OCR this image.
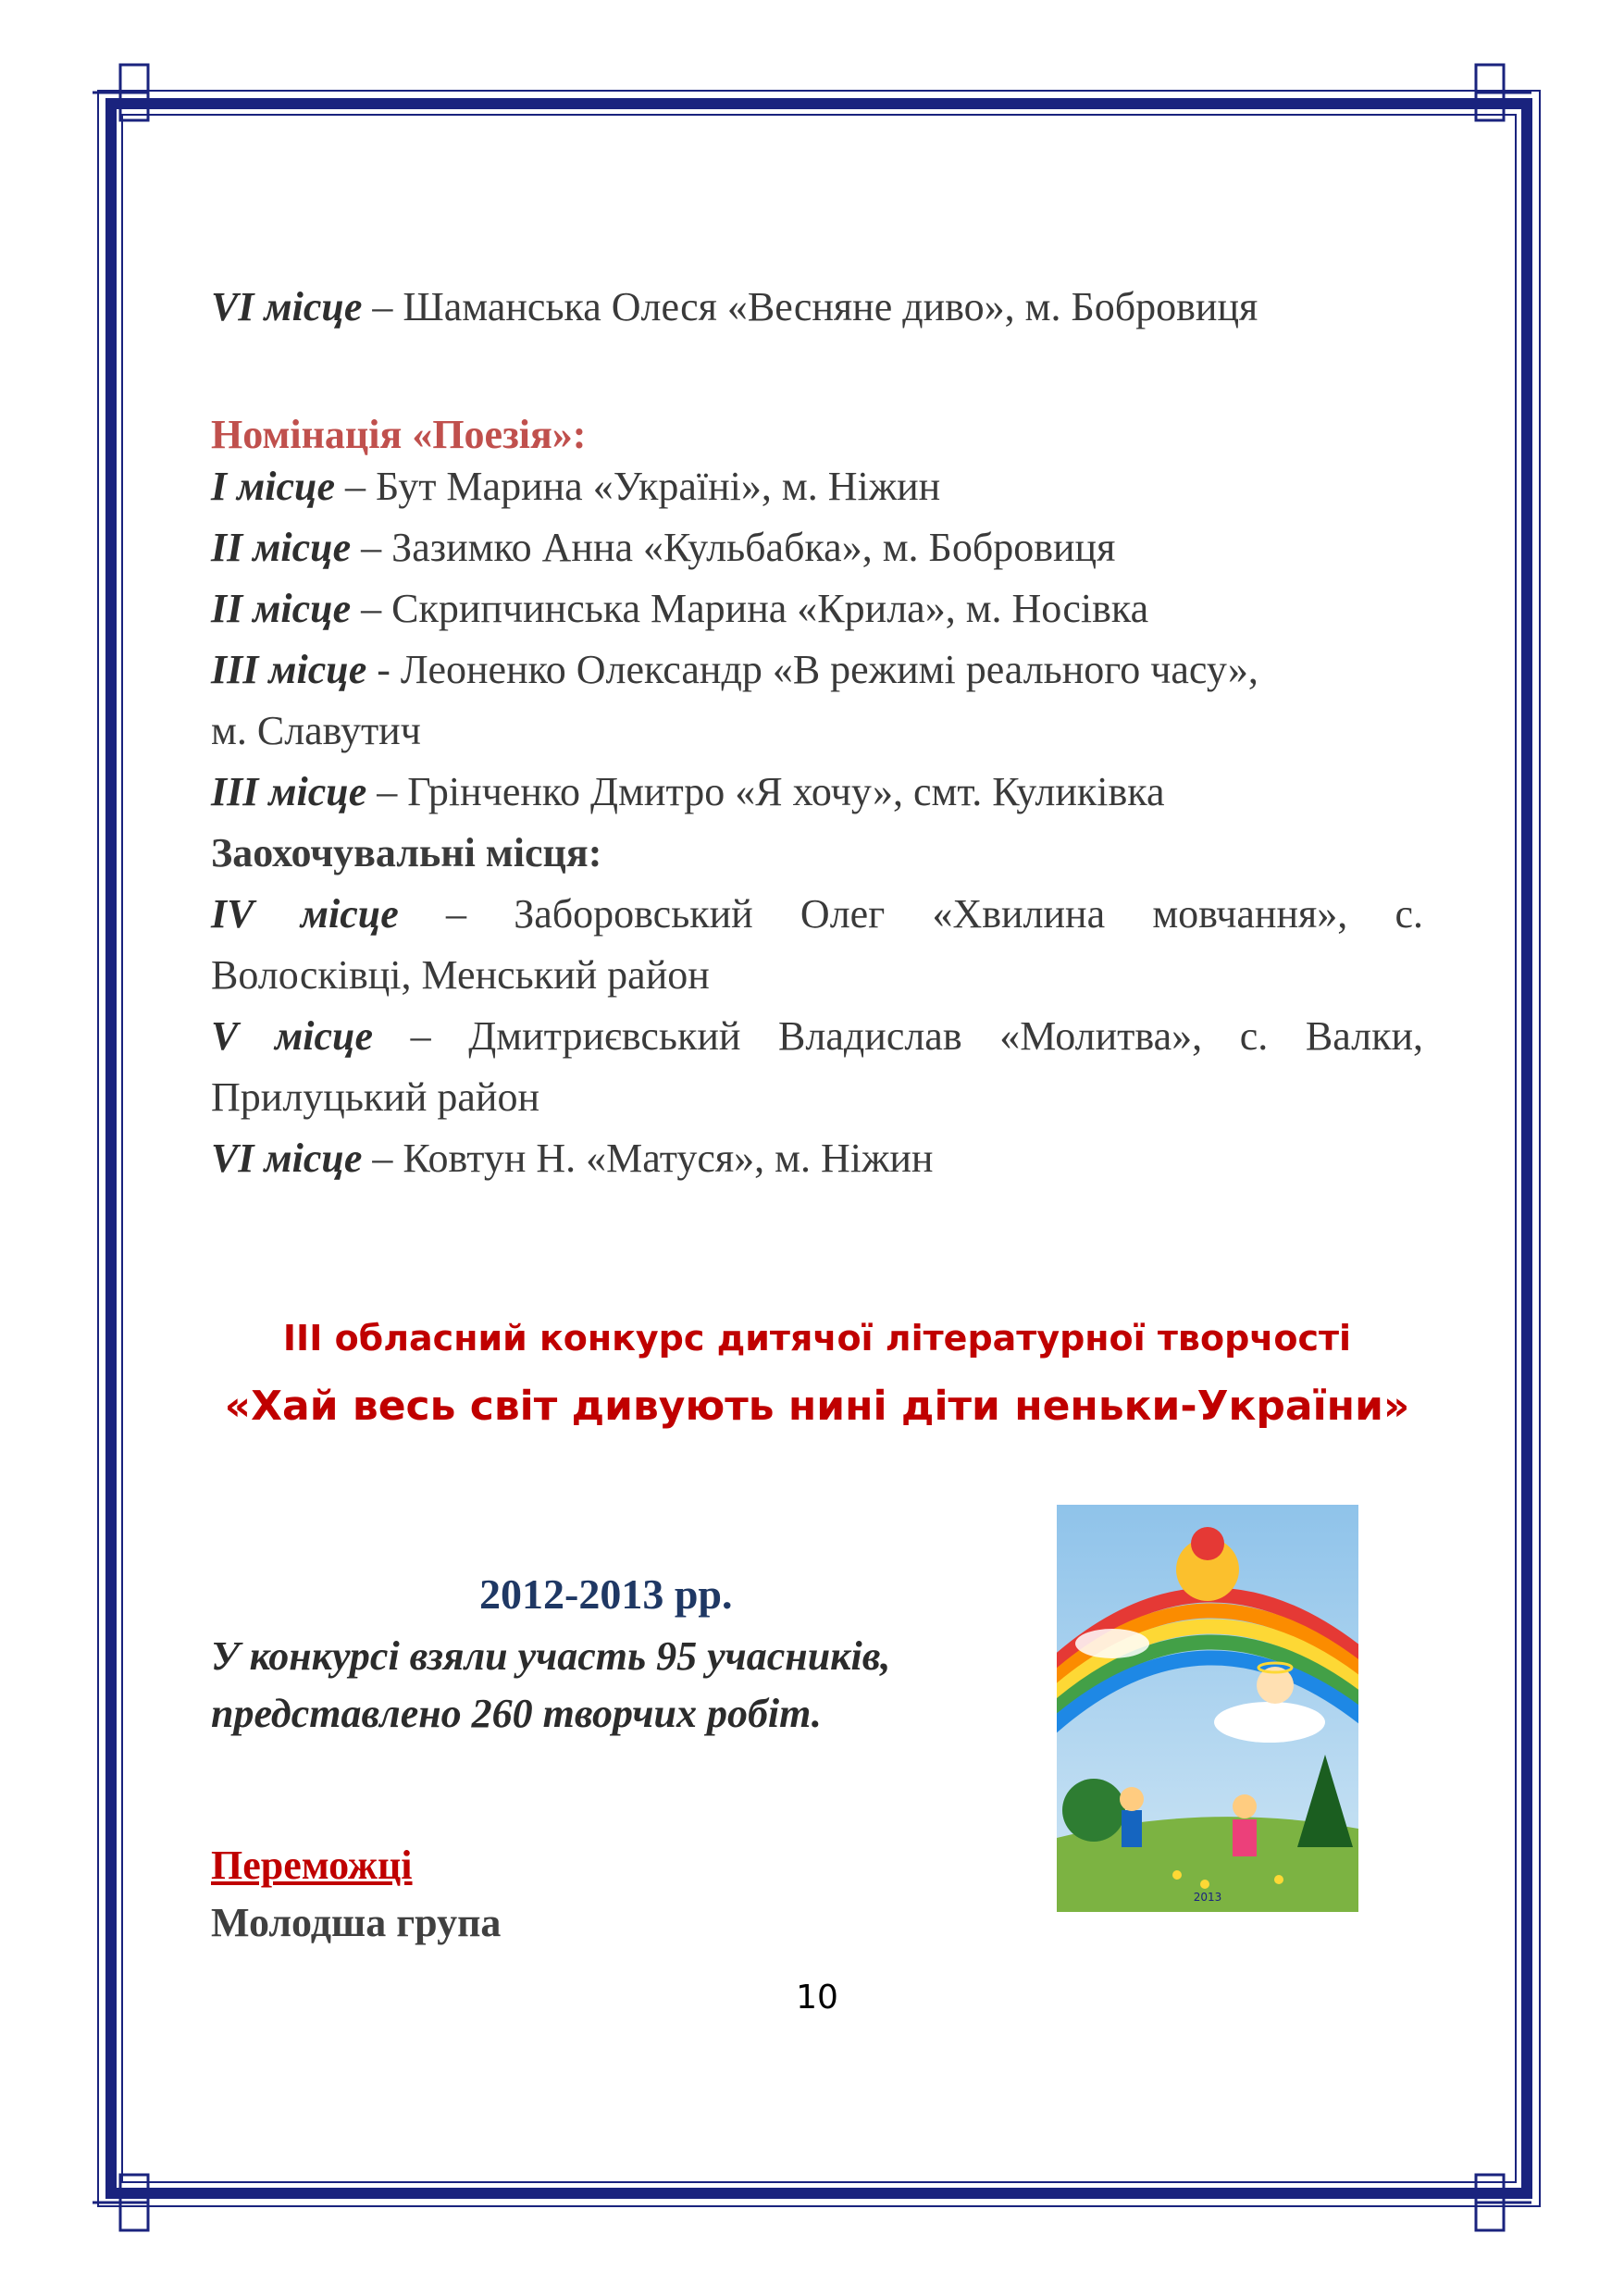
VI місце – Шаманська Олеся «Весняне диво», м. Бобровиця
Номінація «Поезія»:
I місце – Бут Марина «Україні», м. Ніжин
II місце – Зазимко Анна «Кульбабка», м. Бобровиця
II місце – Скрипчинська Марина «Крила», м. Носівка
III місце - Леоненко Олександр «В режимі реального часу»,
м. Славутич
III місце – Грінченко Дмитро «Я хочу», смт. Куликівка
Заохочувальні місця:
IV місце – Заборовський Олег «Хвилина мовчання», с.
Волосківці, Менський район
V місце – Дмитриєвський Владислав «Молитва», с. Валки,
Прилуцький район
VI місце – Ковтун Н. «Матуся», м. Ніжин
ІІІ обласний конкурс дитячої літературної творчості
«Хай весь світ дивують нині діти неньки-України»
2012-2013 рр.
У конкурсі взяли участь 95 учасників,
представлено 260 творчих робіт.
Переможці
Молодша група
10
2013
